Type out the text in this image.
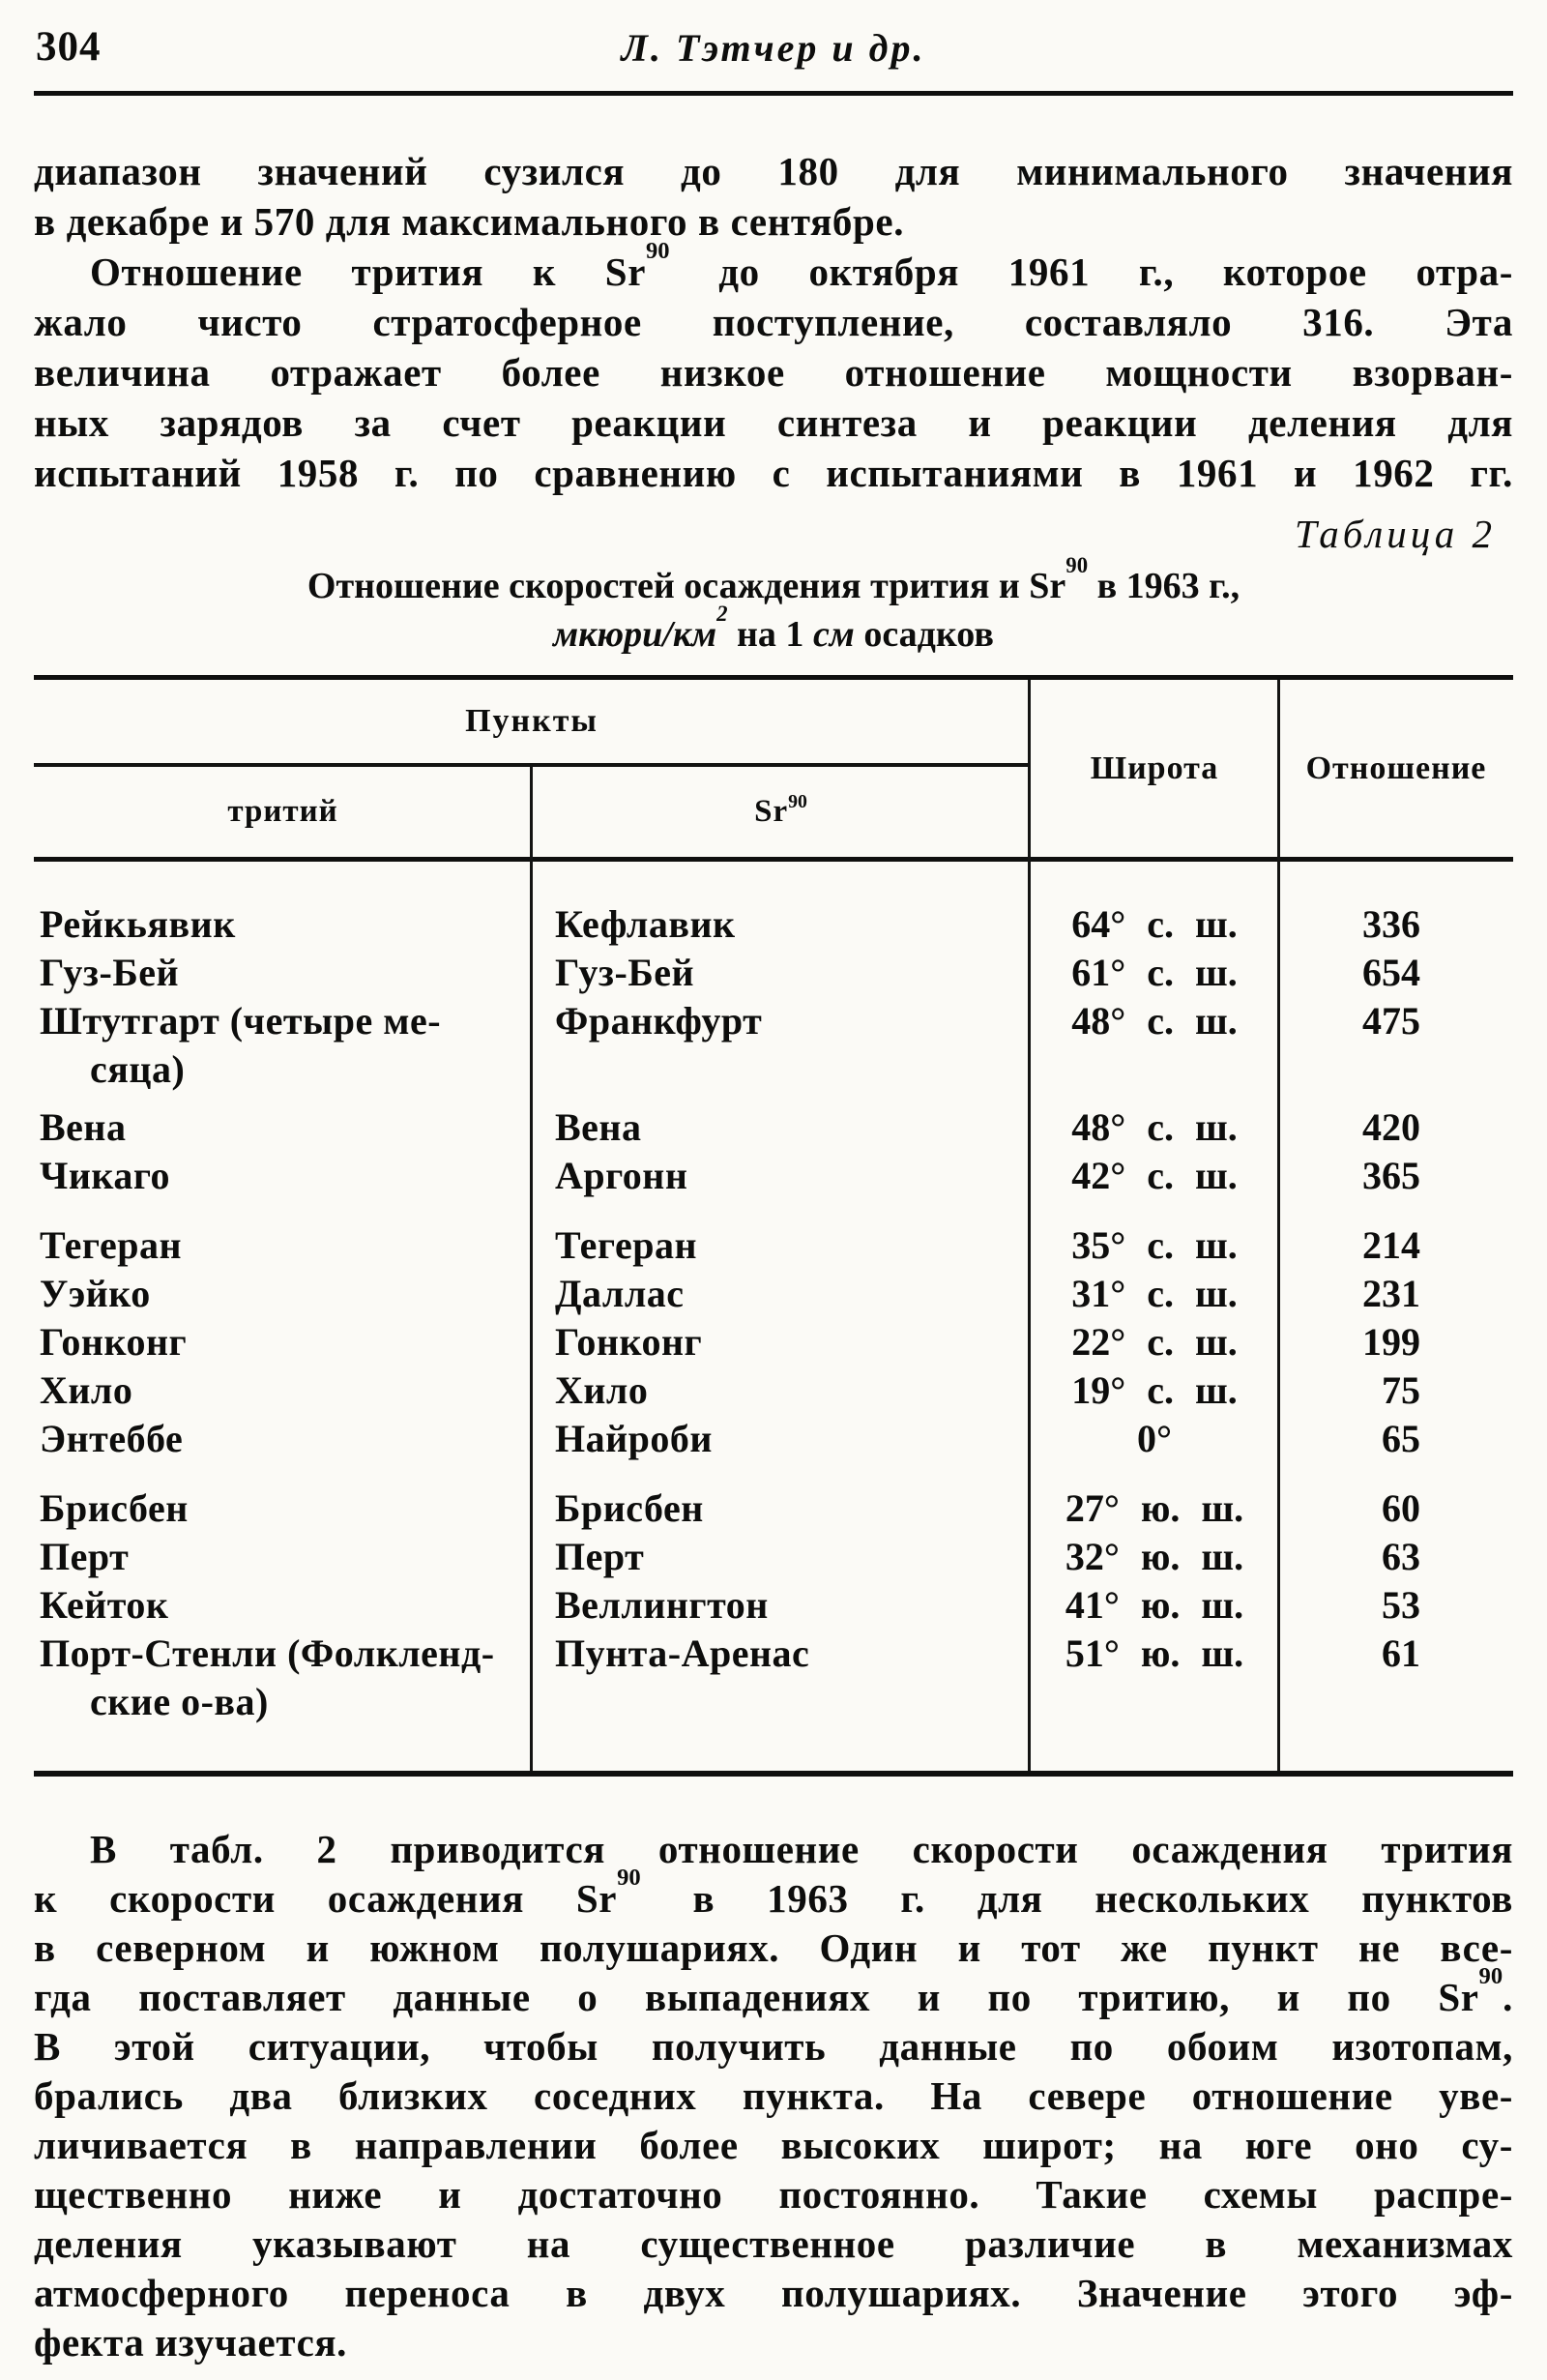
304	Л. Тэтчер и др.
диапазон значений сузился до 180 для минимального значения
в декабре и 570 для максимального в сентябре.
Отношение трития к Sr$^{90}$ до октября 1961 г., которое отра-
жало чисто стратосферное поступление, составляло 316. Эта
величина отражает более низкое отношение мощности взорван-
ных зарядов за счет реакции синтеза и реакции деления для
испытаний 1958 г. по сравнению с испытаниями в 1961 и 1962 гг.
Таблица 2
Отношение скоростей осаждения трития и Sr$^{90}$ в 1963 г.,
мкюри/$км^2$ на 1 см осадков
Пункты
тритий	Sr$^{90}$
Широта	Отношение
Рейкьявик	Кефлавик	64° с. ш.	336
Гуз-Бей	Гуз-Бей	61° с. ш.	654
Штутгарт (четыре ме-
сяца)
Франкфурт	48° с. ш.	475
Вена	Вена	48° с. ш.	420
Чикаго	Аргонн	42° с. ш.	365
Тегеран	Тегеран	35° с. ш.	214
Уэйко	Даллас	31° с. ш.	231
Гонконг	Гонконг	22° с. ш.	199
Хило	Хило	19° с. ш.	75
Энтеббе	Найроби	0°	65
Брисбен	Брисбен	27° ю. ш.	60
Перт	Перт	32° ю. ш.	63
Кейток	Веллингтон	41° ю. ш.	53
Порт-Стенли (Фолкленд-
ские о-ва)
Пунта-Аренас	51° ю. ш.	61
В табл. 2 приводится отношение скорости осаждения трития
к скорости осаждения Sr$^{90}$ в 1963 г. для нескольких пунктов
в северном и южном полушариях. Один и тот же пункт не все-
гда поставляет данные о выпадениях и по тритию, и по Sr$^{90}$.
В этой ситуации, чтобы получить данные по обоим изотопам,
брались два близких соседних пункта. На севере отношение уве-
личивается в направлении более высоких широт; на юге оно су-
щественно ниже и достаточно постоянно. Такие схемы распре-
деления указывают на существенное различие в механизмах
атмосферного переноса в двух полушариях. Значение этого эф-
фекта изучается.
